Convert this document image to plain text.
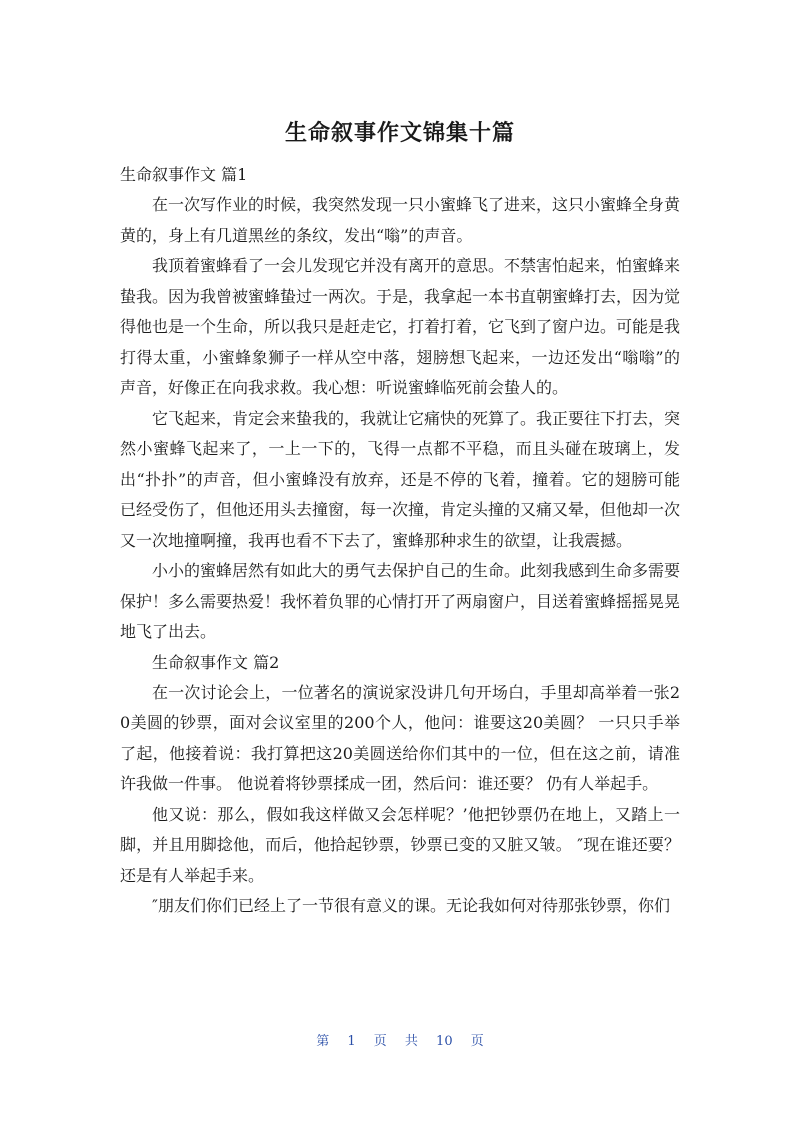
生命叙事作文锦集十篇

生命叙事作文 篇1

在一次写作业的时候，我突然发现一只小蜜蜂飞了进来，这只小蜜蜂全身黄黄的，身上有几道黑丝的条纹，发出“嗡”的声音。

我顶着蜜蜂看了一会儿发现它并没有离开的意思。不禁害怕起来，怕蜜蜂来蛰我。因为我曾被蜜蜂蛰过一两次。于是，我拿起一本书直朝蜜蜂打去，因为觉得他也是一个生命，所以我只是赶走它，打着打着，它飞到了窗户边。可能是我打得太重，小蜜蜂象狮子一样从空中落，翅膀想飞起来，一边还发出“嗡嗡”的声音，好像正在向我求救。我心想：听说蜜蜂临死前会蛰人的。

它飞起来，肯定会来蛰我的，我就让它痛快的死算了。我正要往下打去，突然小蜜蜂飞起来了，一上一下的，飞得一点都不平稳，而且头碰在玻璃上，发出“扑扑”的声音，但小蜜蜂没有放弃，还是不停的飞着，撞着。它的翅膀可能已经受伤了，但他还用头去撞窗，每一次撞，肯定头撞的又痛又晕，但他却一次又一次地撞啊撞，我再也看不下去了，蜜蜂那种求生的欲望，让我震撼。

小小的蜜蜂居然有如此大的勇气去保护自己的生命。此刻我感到生命多需要保护！多么需要热爱！我怀着负罪的心情打开了两扇窗户，目送着蜜蜂摇摇晃晃地飞了出去。

生命叙事作文 篇2

在一次讨论会上，一位著名的演说家没讲几句开场白，手里却高举着一张20美圆的钞票，面对会议室里的200个人，他问：谁要这20美圆？ 一只只手举了起，他接着说：我打算把这20美圆送给你们其中的一位，但在这之前，请准许我做一件事。 他说着将钞票揉成一团，然后问：谁还要？ 仍有人举起手。

他又说：那么，假如我这样做又会怎样呢？’他把钞票仍在地上，又踏上一脚，并且用脚捻他，而后，他拾起钞票，钞票已变的又脏又皱。 ″现在谁还要？ 还是有人举起手来。

″朋友们你们已经上了一节很有意义的课。无论我如何对待那张钞票，你们

第 1 页 共 10 页
